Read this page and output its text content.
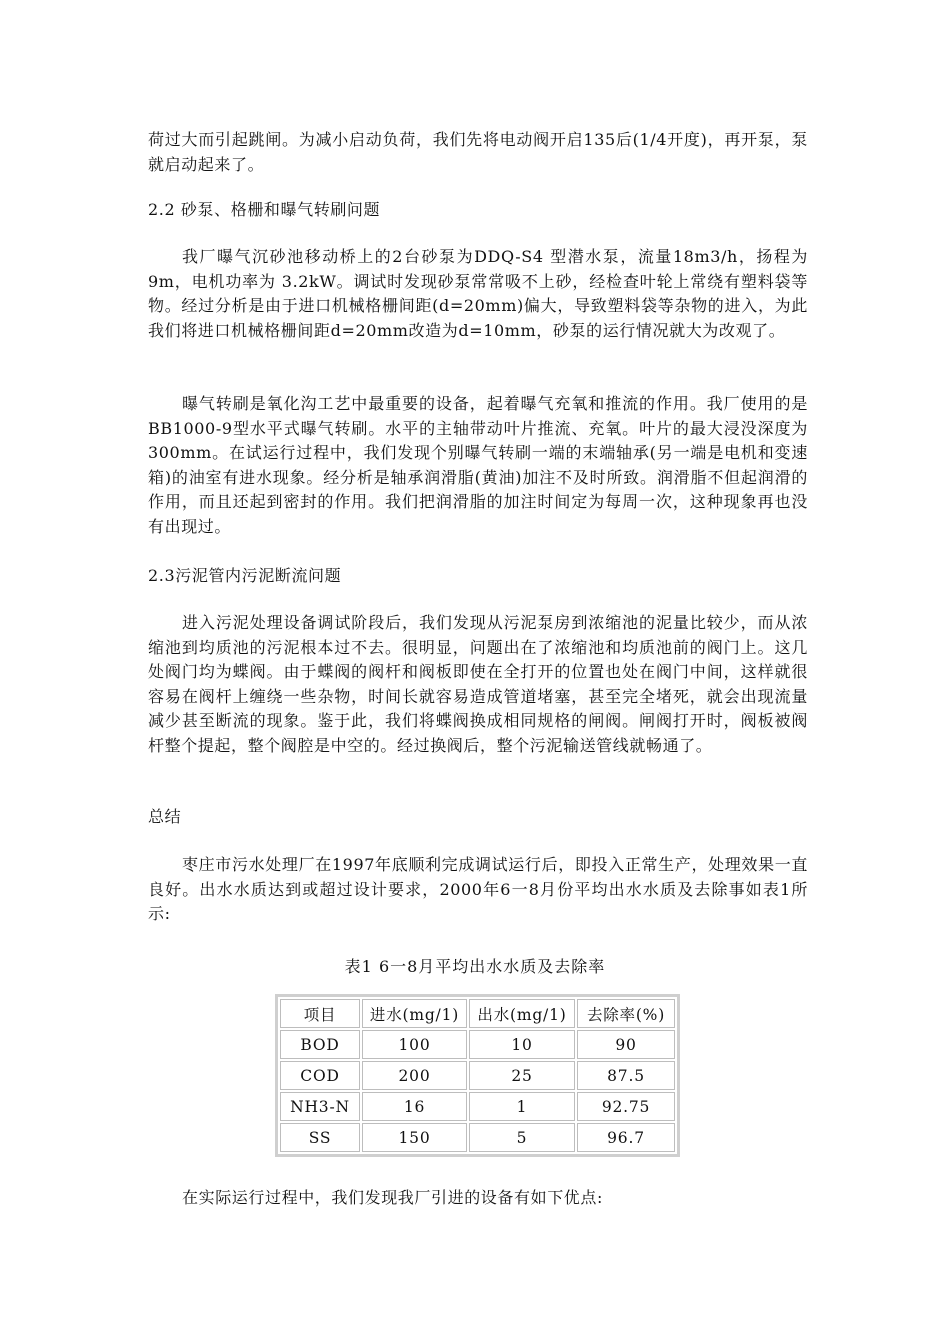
荷过大而引起跳闸。为减小启动负荷，我们先将电动阀开启135后(1/4开度)，再开泵，泵就启动起来了。

2.2 砂泵、格栅和曝气转刷问题

我厂曝气沉砂池移动桥上的2台砂泵为DDQ-S4 型潜水泵，流量18m3/h，扬程为9m，电机功率为 3.2kW。调试时发现砂泵常常吸不上砂，经检查叶轮上常绕有塑料袋等物。经过分析是由于进口机械格栅间距(d=20mm)偏大，导致塑料袋等杂物的进入，为此我们将进口机械格栅间距d=20mm改造为d=10mm，砂泵的运行情况就大为改观了。

曝气转刷是氧化沟工艺中最重要的设备，起着曝气充氧和推流的作用。我厂使用的是BB1000-9型水平式曝气转刷。水平的主轴带动叶片推流、充氧。叶片的最大浸没深度为300mm。在试运行过程中，我们发现个别曝气转刷一端的末端轴承(另一端是电机和变速箱)的油室有进水现象。经分析是轴承润滑脂(黄油)加注不及时所致。润滑脂不但起润滑的作用，而且还起到密封的作用。我们把润滑脂的加注时间定为每周一次，这种现象再也没有出现过。

2.3污泥管内污泥断流问题

进入污泥处理设备调试阶段后，我们发现从污泥泵房到浓缩池的泥量比较少，而从浓缩池到均质池的污泥根本过不去。很明显，问题出在了浓缩池和均质池前的阀门上。这几处阀门均为蝶阀。由于蝶阀的阀杆和阀板即使在全打开的位置也处在阀门中间，这样就很容易在阀杆上缠绕一些杂物，时间长就容易造成管道堵塞，甚至完全堵死，就会出现流量减少甚至断流的现象。鉴于此，我们将蝶阀换成相同规格的闸阀。闸阀打开时，阀板被阀杆整个提起，整个阀腔是中空的。经过换阀后，整个污泥输送管线就畅通了。

总结

枣庄市污水处理厂在1997年底顺利完成调试运行后，即投入正常生产，处理效果一直良好。出水水质达到或超过设计要求，2000年6一8月份平均出水水质及去除事如表1所示:

表1 6一8月平均出水水质及去除率

项目	进水(mg/1)	出水(mg/1)	去除率(%)
BOD	100	10	90
COD	200	25	87.5
NH3-N	16	1	92.75
SS	150	5	96.7

在实际运行过程中，我们发现我厂引进的设备有如下优点:
